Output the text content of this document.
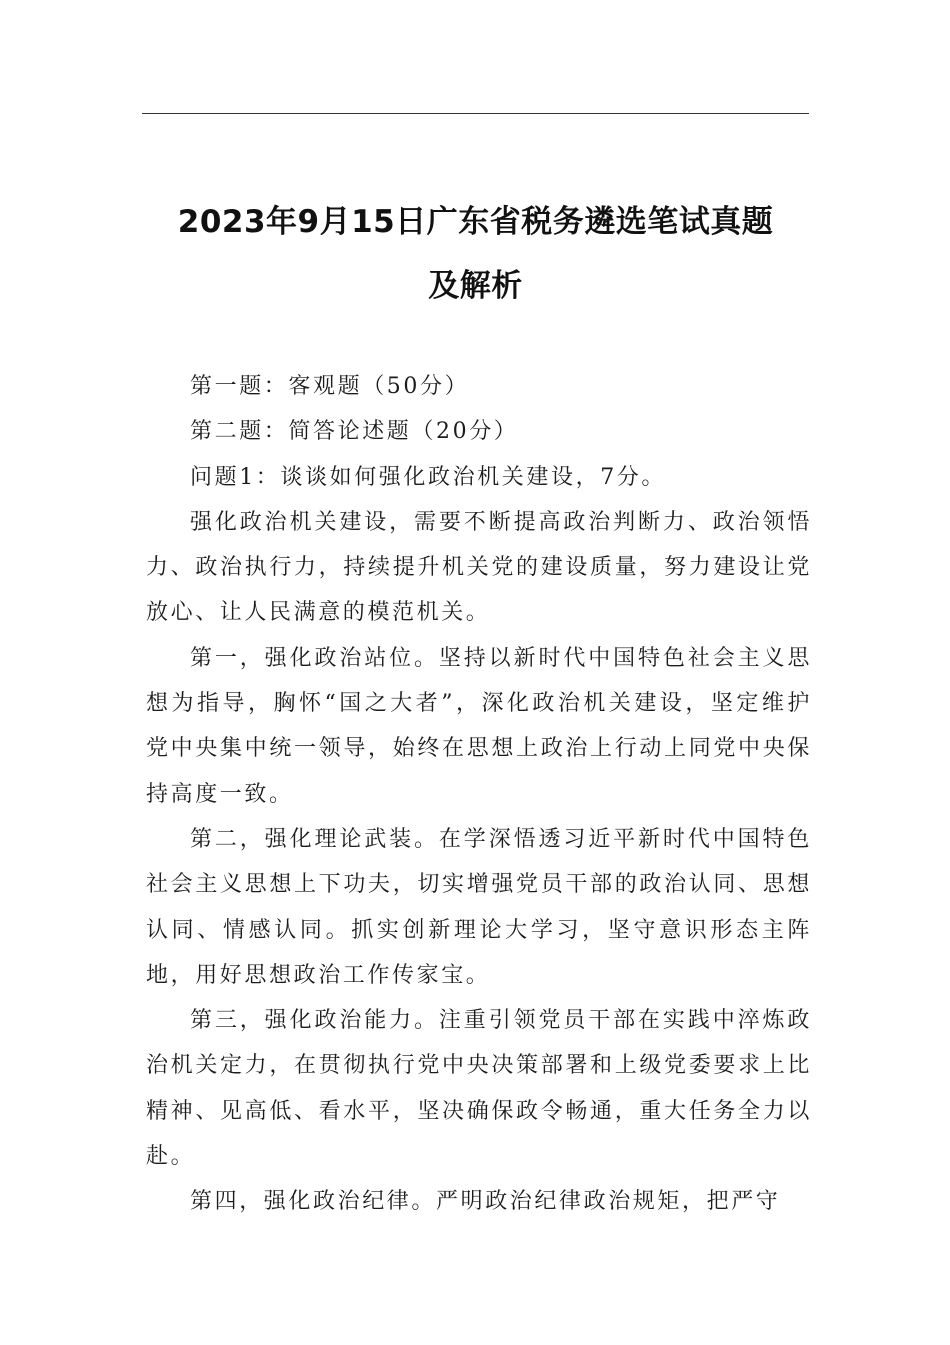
2023年9月15日广东省税务遴选笔试真题
及解析

第一题：客观题（50分）

第二题：简答论述题（20分）

问题1：谈谈如何强化政治机关建设，7分。

强化政治机关建设，需要不断提高政治判断力、政治领悟力、政治执行力，持续提升机关党的建设质量，努力建设让党放心、让人民满意的模范机关。

第一，强化政治站位。坚持以新时代中国特色社会主义思想为指导，胸怀“国之大者”，深化政治机关建设，坚定维护党中央集中统一领导，始终在思想上政治上行动上同党中央保持高度一致。

第二，强化理论武装。在学深悟透习近平新时代中国特色社会主义思想上下功夫，切实增强党员干部的政治认同、思想认同、情感认同。抓实创新理论大学习，坚守意识形态主阵地，用好思想政治工作传家宝。

第三，强化政治能力。注重引领党员干部在实践中淬炼政治机关定力，在贯彻执行党中央决策部署和上级党委要求上比精神、见高低、看水平，坚决确保政令畅通，重大任务全力以赴。

第四，强化政治纪律。严明政治纪律政治规矩，把严守
